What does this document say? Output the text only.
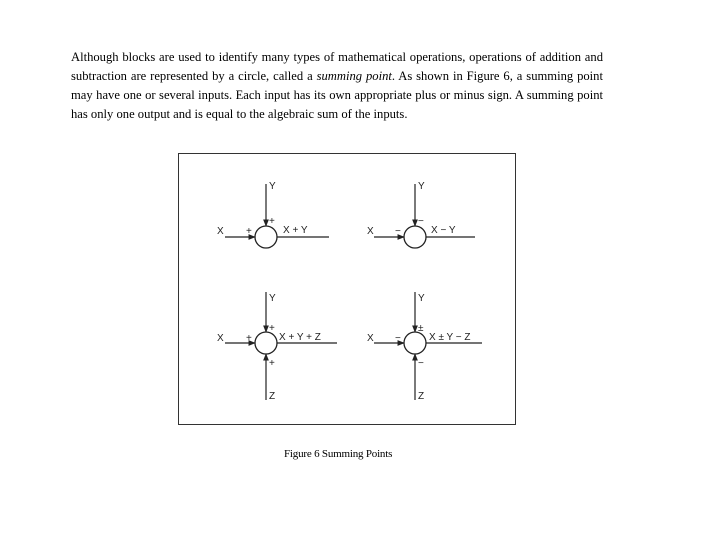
Although blocks are used to identify many types of mathematical operations, operations of addition and subtraction are represented by a circle, called a summing point. As shown in Figure 6, a summing point may have one or several inputs. Each input has its own appropriate plus or minus sign. A summing point has only one output and is equal to the algebraic sum of the inputs.

Y
X	X + Y
+
+
Y
X	X − Y
−
−
Y
X
Z
X + Y + Z
+
+
+
Y
X
Z
X ± Y − Z
±
−
−

Figure 6 Summing Points
